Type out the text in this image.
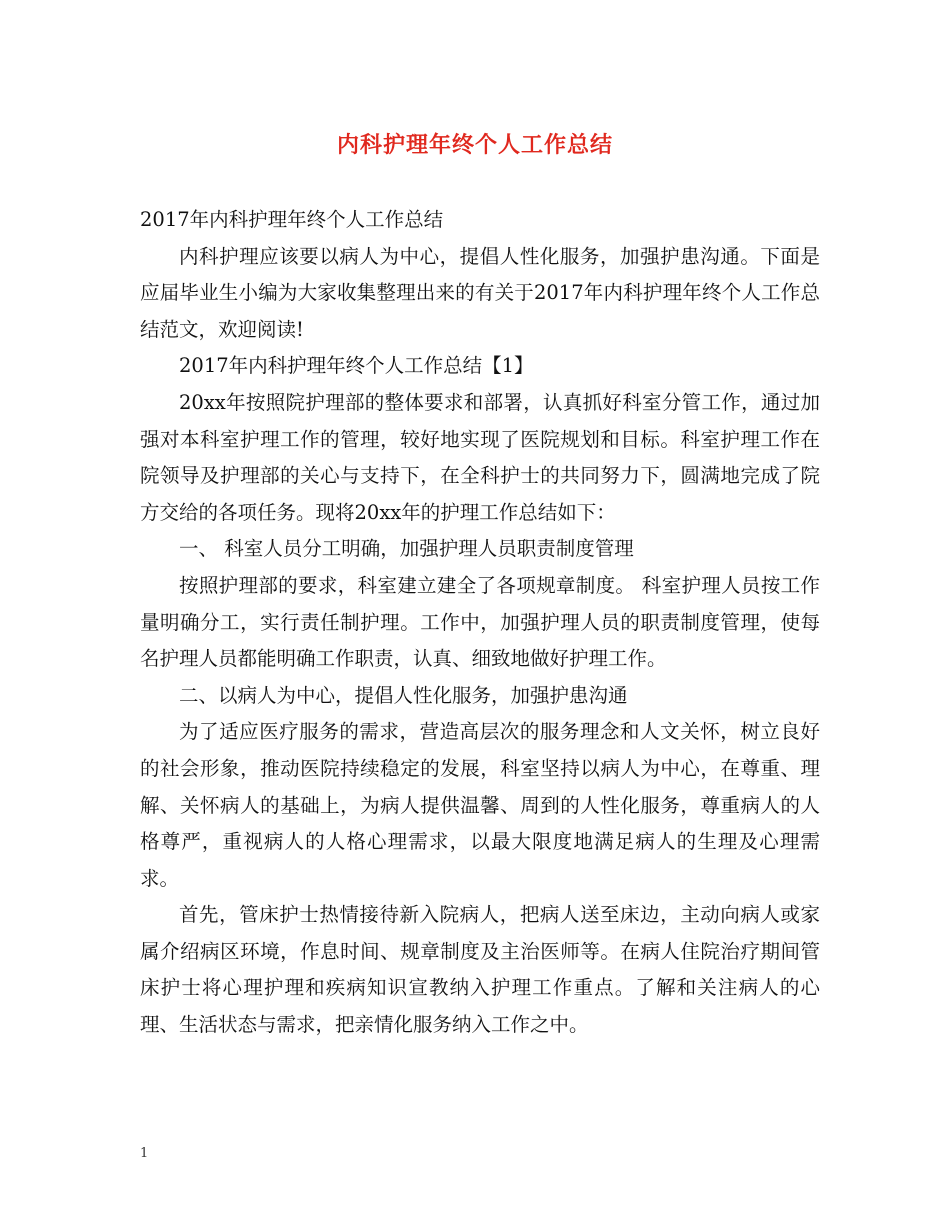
内科护理年终个人工作总结

2017年内科护理年终个人工作总结

内科护理应该要以病人为中心，提倡人性化服务，加强护患沟通。下面是应届毕业生小编为大家收集整理出来的有关于2017年内科护理年终个人工作总结范文，欢迎阅读!

2017年内科护理年终个人工作总结【1】

20xx年按照院护理部的整体要求和部署，认真抓好科室分管工作，通过加强对本科室护理工作的管理，较好地实现了医院规划和目标。科室护理工作在院领导及护理部的关心与支持下，在全科护士的共同努力下，圆满地完成了院方交给的各项任务。现将20xx年的护理工作总结如下：

一、 科室人员分工明确，加强护理人员职责制度管理

按照护理部的要求，科室建立建全了各项规章制度。 科室护理人员按工作量明确分工，实行责任制护理。工作中，加强护理人员的职责制度管理，使每名护理人员都能明确工作职责，认真、细致地做好护理工作。

二、以病人为中心，提倡人性化服务，加强护患沟通

为了适应医疗服务的需求，营造高层次的服务理念和人文关怀，树立良好的社会形象，推动医院持续稳定的发展，科室坚持以病人为中心，在尊重、理解、关怀病人的基础上，为病人提供温馨、周到的人性化服务，尊重病人的人格尊严，重视病人的人格心理需求，以最大限度地满足病人的生理及心理需求。

首先，管床护士热情接待新入院病人，把病人送至床边，主动向病人或家属介绍病区环境，作息时间、规章制度及主治医师等。在病人住院治疗期间管床护士将心理护理和疾病知识宣教纳入护理工作重点。了解和关注病人的心理、生活状态与需求，把亲情化服务纳入工作之中。

1
